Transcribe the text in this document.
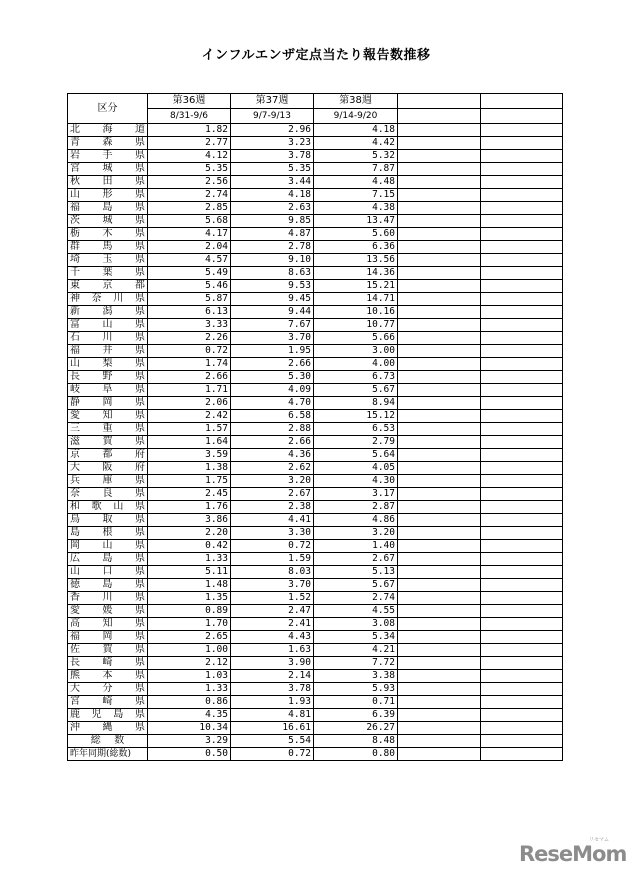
インフルエンザ定点当たり報告数推移
区分	第36週	第37週	第38週		
	8/31-9/6	9/7-9/13	9/14-9/20		

北 海 道	1.82	2.96	4.18		

青 森 県	2.77	3.23	4.42		

岩 手 県	4.12	3.78	5.32		

宮 城 県	5.35	5.35	7.87		

秋 田 県	2.56	3.44	4.48		

山 形 県	2.74	4.18	7.15		

福 島 県	2.85	2.63	4.38		

茨 城 県	5.68	9.85	13.47		

栃 木 県	4.17	4.87	5.60		

群 馬 県	2.04	2.78	6.36		

埼 玉 県	4.57	9.10	13.56		

千 葉 県	5.49	8.63	14.36		

東 京 都	5.46	9.53	15.21		

神 奈 川 県	5.87	9.45	14.71		

新 潟 県	6.13	9.44	10.16		

富 山 県	3.33	7.67	10.77		

石 川 県	2.26	3.70	5.66		

福 井 県	0.72	1.95	3.00		

山 梨 県	1.74	2.66	4.00		

長 野 県	2.66	5.30	6.73		

岐 阜 県	1.71	4.09	5.67		

静 岡 県	2.06	4.70	8.94		

愛 知 県	2.42	6.58	15.12		

三 重 県	1.57	2.88	6.53		

滋 賀 県	1.64	2.66	2.79		

京 都 府	3.59	4.36	5.64		

大 阪 府	1.38	2.62	4.05		

兵 庫 県	1.75	3.20	4.30		

奈 良 県	2.45	2.67	3.17		

和 歌 山 県	1.76	2.38	2.87		

鳥 取 県	3.86	4.41	4.86		

島 根 県	2.20	3.30	3.20		

岡 山 県	0.42	0.72	1.40		

広 島 県	1.33	1.59	2.67		

山 口 県	5.11	8.03	5.13		

徳 島 県	1.48	3.70	5.67		

香 川 県	1.35	1.52	2.74		

愛 媛 県	0.89	2.47	4.55		

高 知 県	1.70	2.41	3.08		

福 岡 県	2.65	4.43	5.34		

佐 賀 県	1.00	1.63	4.21		

長 崎 県	2.12	3.90	7.72		

熊 本 県	1.03	2.14	3.38		

大 分 県	1.33	3.78	5.93		

宮 崎 県	0.86	1.93	0.71		

鹿 児 島 県	4.35	4.81	6.39		

沖 縄 県	10.34	16.61	26.27		

総 数	3.29	5.54	8.48		
昨年同期(総数)	0.50	0.72	0.80		
リセマム
ReseMom
